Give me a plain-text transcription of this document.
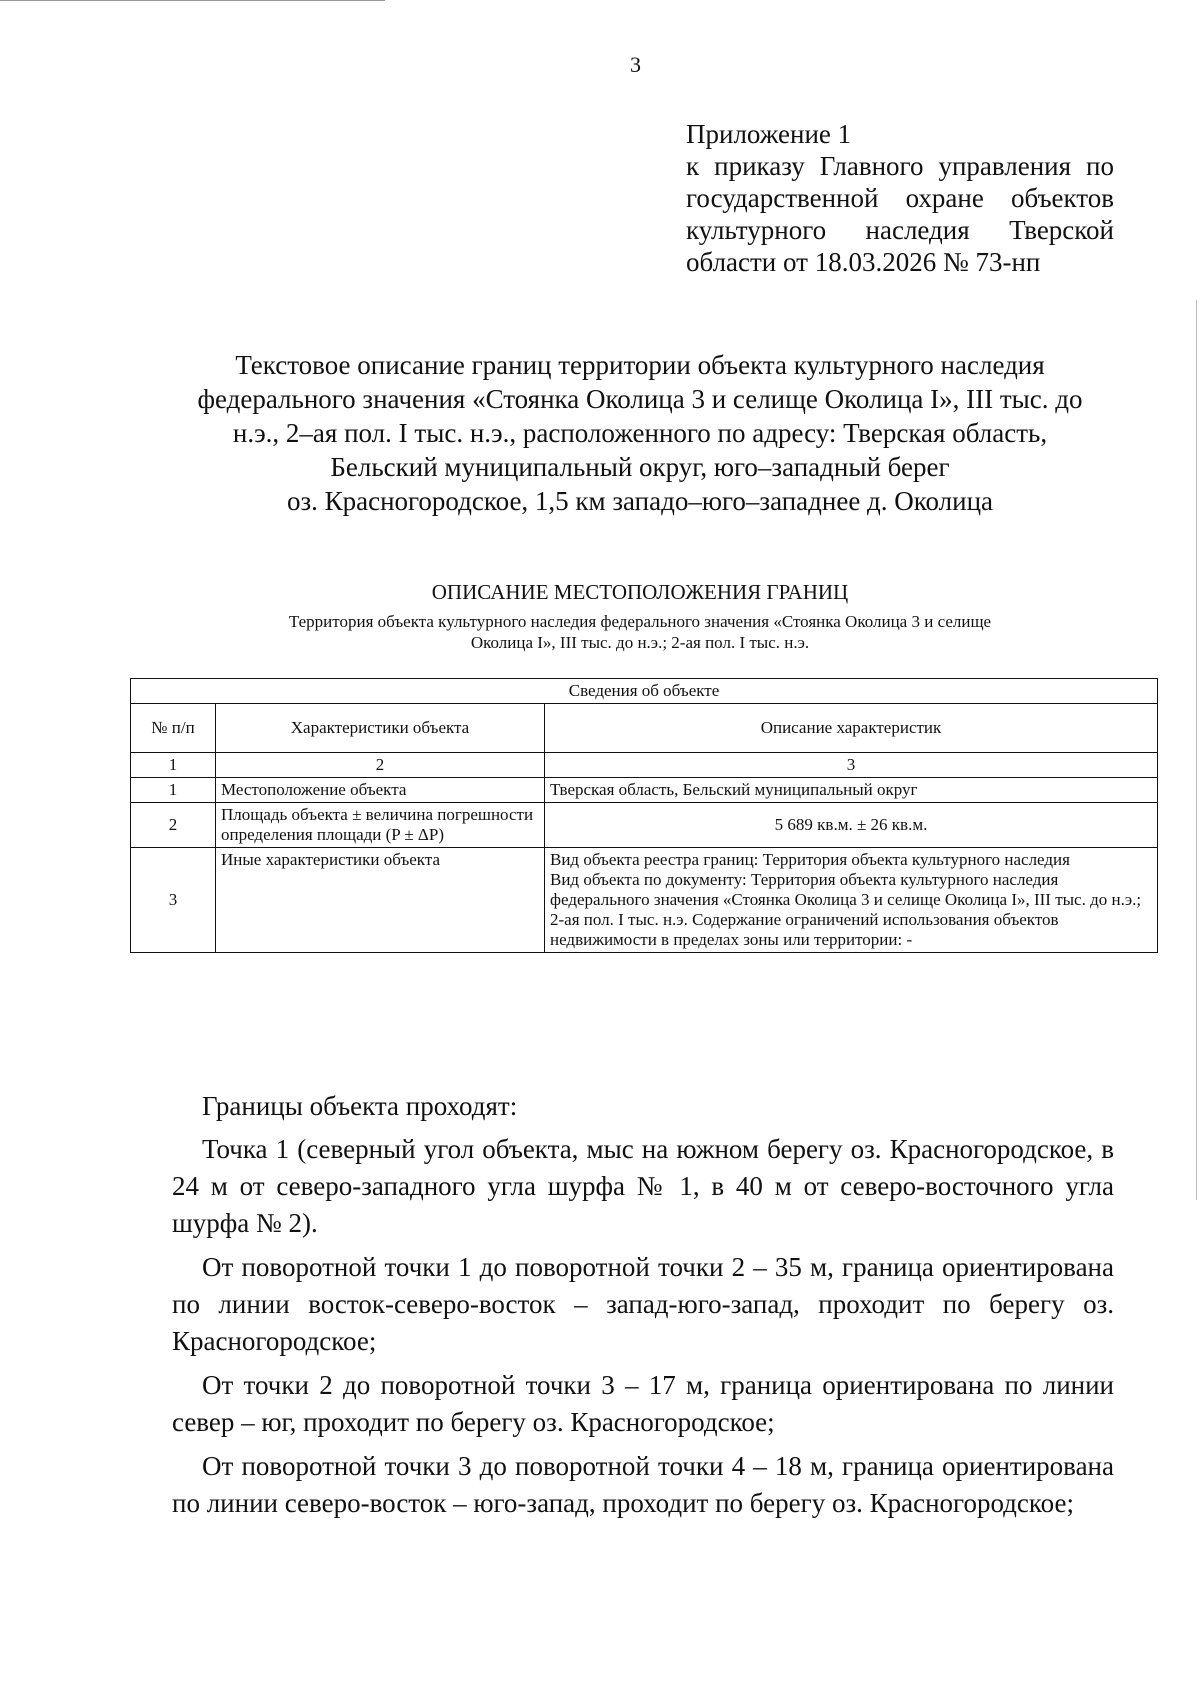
3
Приложение 1
к приказу Главного управления по
государственной охране объектов
культурного наследия Тверской
области от 18.03.2026 № 73-нп
Текстовое описание границ территории объекта культурного наследия
федерального значения «Стоянка Околица 3 и селище Околица I», III тыс. до
н.э., 2–ая пол. I тыс. н.э., расположенного по адресу: Тверская область,
Бельский муниципальный округ, юго–западный берег
оз. Красногородское, 1,5 км западо–юго–западнее д. Околица
ОПИСАНИЕ МЕСТОПОЛОЖЕНИЯ ГРАНИЦ
Территория объекта культурного наследия федерального значения «Стоянка Околица 3 и селище
Околица I», III тыс. до н.э.; 2-ая пол. I тыс. н.э.
Сведения об объекте		
№ п/п	Характеристики объекта	Описание характеристик
1	2	3
1	Местоположение объекта	Тверская область, Бельский муниципальный округ
2	Площадь объекта ± величина погрешности определения площади (P ± ΔP)	5 689 кв.м. ± 26 кв.м.
3	Иные характеристики объекта	Вид объекта реестра границ: Территория объекта культурного наследия
Вид объекта по документу: Территория объекта культурного наследия федерального значения «Стоянка Околица 3 и селище Околица I», III тыс. до н.э.; 2-ая пол. I тыс. н.э. Содержание ограничений использования объектов недвижимости в пределах зоны или территории: -

Границы объекта проходят:

Точка 1 (северный угол объекта, мыс на южном берегу оз. Красногородское, в 24 м от северо-западного угла шурфа № 1, в 40 м от северо-восточного угла шурфа № 2).

От поворотной точки 1 до поворотной точки 2 – 35 м, граница ориентирована по линии восток-северо-восток – запад-юго-запад, проходит по берегу оз. Красногородское;

От точки 2 до поворотной точки 3 – 17 м, граница ориентирована по линии север – юг, проходит по берегу оз. Красногородское;

От поворотной точки 3 до поворотной точки 4 – 18 м, граница ориентирована по линии северо-восток – юго-запад, проходит по берегу оз. Красногородское;
